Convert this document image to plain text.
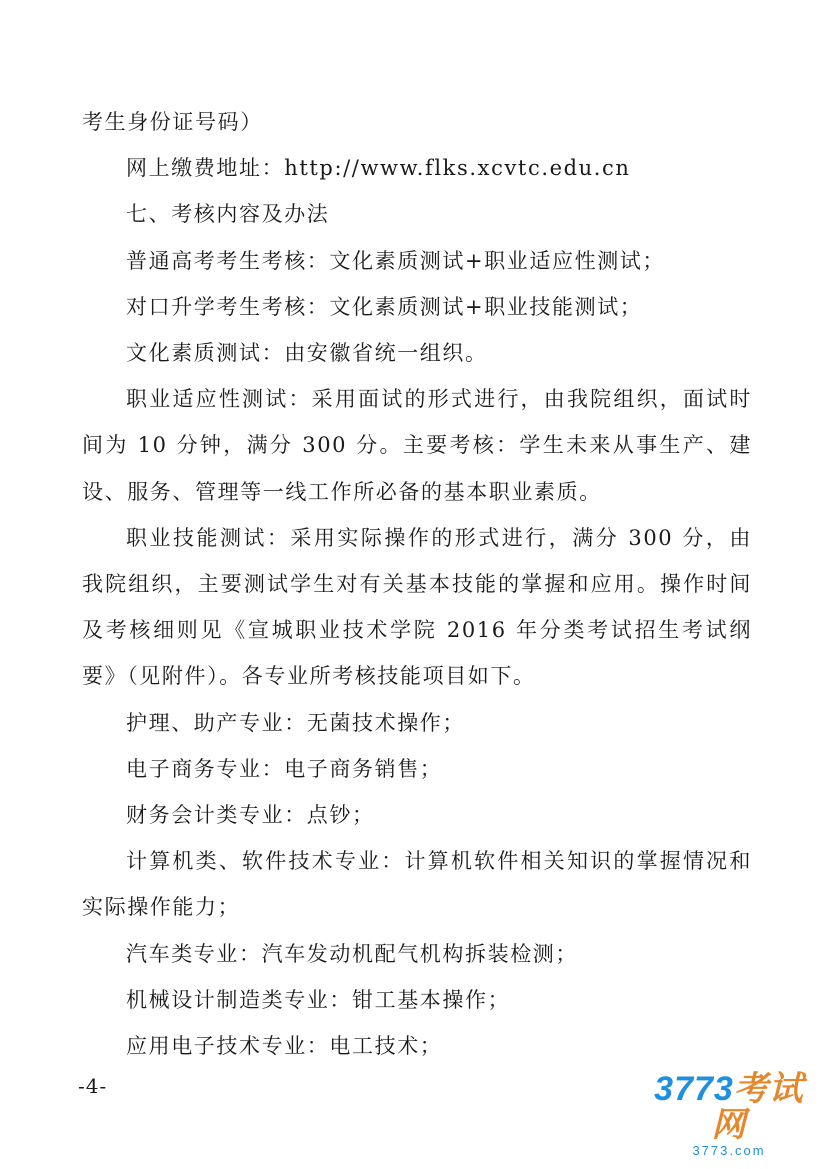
考生身份证号码）

网上缴费地址：http://www.flks.xcvtc.edu.cn

七、考核内容及办法

普通高考考生考核：文化素质测试+职业适应性测试；

对口升学考生考核：文化素质测试+职业技能测试；

文化素质测试：由安徽省统一组织。

职业适应性测试：采用面试的形式进行，由我院组织，面试时间为 10 分钟，满分 300 分。主要考核：学生未来从事生产、建设、服务、管理等一线工作所必备的基本职业素质。

职业技能测试：采用实际操作的形式进行，满分 300 分，由我院组织，主要测试学生对有关基本技能的掌握和应用。操作时间及考核细则见《宣城职业技术学院 2016 年分类考试招生考试纲要》（见附件）。各专业所考核技能项目如下。

护理、助产专业：无菌技术操作；

电子商务专业：电子商务销售；

财务会计类专业：点钞；

计算机类、软件技术专业：计算机软件相关知识的掌握情况和实际操作能力；

汽车类专业：汽车发动机配气机构拆装检测；

机械设计制造类专业：钳工基本操作；

应用电子技术专业：电工技术；

-4-	3773考试网
3773.com
